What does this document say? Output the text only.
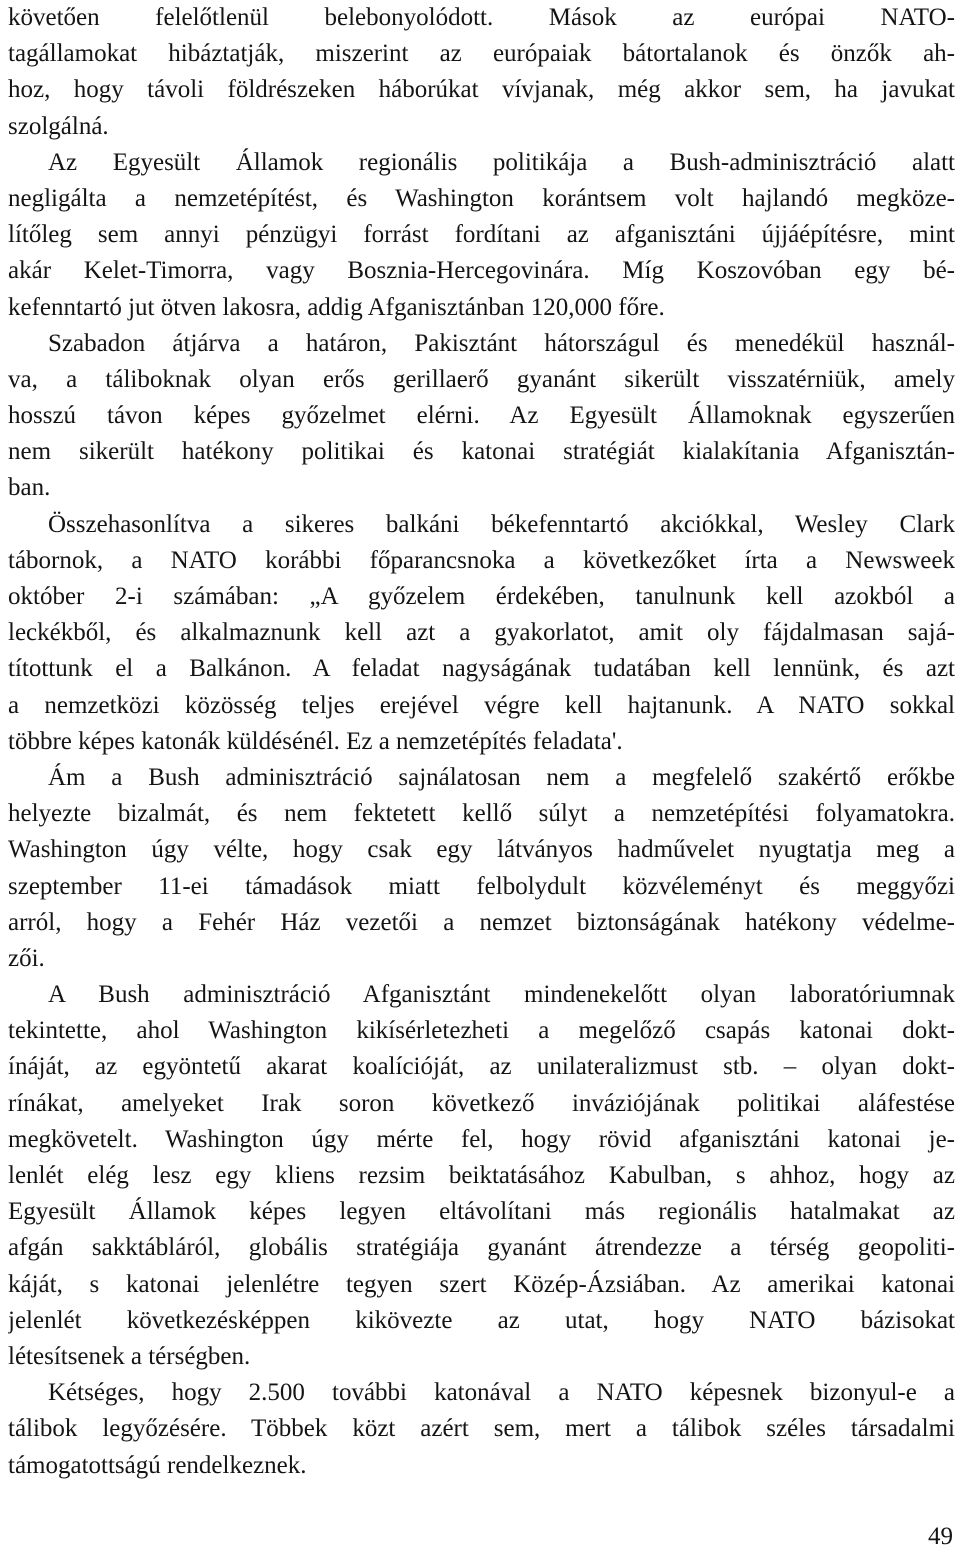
követően felelőtlenül belebonyolódott. Mások az európai NATO-
tagállamokat hibáztatják, miszerint az európaiak bátortalanok és önzők ah-
hoz, hogy távoli földrészeken háborúkat vívjanak, még akkor sem, ha javukat
szolgálná.
Az Egyesült Államok regionális politikája a Bush-adminisztráció alatt
negligálta a nemzetépítést, és Washington korántsem volt hajlandó megköze-
lítőleg sem annyi pénzügyi forrást fordítani az afganisztáni újjáépítésre, mint
akár Kelet-Timorra, vagy Bosznia-Hercegovinára. Míg Koszovóban egy bé-
kefenntartó jut ötven lakosra, addig Afganisztánban 120,000 főre.
Szabadon átjárva a határon, Pakisztánt hátországul és menedékül használ-
va, a táliboknak olyan erős gerillaerő gyanánt sikerült visszatérniük, amely
hosszú távon képes győzelmet elérni. Az Egyesült Államoknak egyszerűen
nem sikerült hatékony politikai és katonai stratégiát kialakítania Afganisztán-
ban.
Összehasonlítva a sikeres balkáni békefenntartó akciókkal, Wesley Clark
tábornok, a NATO korábbi főparancsnoka a következőket írta a Newsweek
október 2-i számában: „A győzelem érdekében, tanulnunk kell azokból a
leckékből, és alkalmaznunk kell azt a gyakorlatot, amit oly fájdalmasan sajá-
títottunk el a Balkánon. A feladat nagyságának tudatában kell lennünk, és azt
a nemzetközi közösség teljes erejével végre kell hajtanunk. A NATO sokkal
többre képes katonák küldésénél. Ez a nemzetépítés feladata'.
Ám a Bush adminisztráció sajnálatosan nem a megfelelő szakértő erőkbe
helyezte bizalmát, és nem fektetett kellő súlyt a nemzetépítési folyamatokra.
Washington úgy vélte, hogy csak egy látványos hadművelet nyugtatja meg a
szeptember 11-ei támadások miatt felbolydult közvéleményt és meggyőzi
arról, hogy a Fehér Ház vezetői a nemzet biztonságának hatékony védelme-
zői.
A Bush adminisztráció Afganisztánt mindenekelőtt olyan laboratóriumnak
tekintette, ahol Washington kikísérletezheti a megelőző csapás katonai dokt-
ínáját, az egyöntetű akarat koalícióját, az unilateralizmust stb. – olyan dokt-
rínákat, amelyeket Irak soron következő inváziójának politikai aláfestése
megkövetelt. Washington úgy mérte fel, hogy rövid afganisztáni katonai je-
lenlét elég lesz egy kliens rezsim beiktatásához Kabulban, s ahhoz, hogy az
Egyesült Államok képes legyen eltávolítani más regionális hatalmakat az
afgán sakktábláról, globális stratégiája gyanánt átrendezze a térség geopoliti-
káját, s katonai jelenlétre tegyen szert Közép-Ázsiában. Az amerikai katonai
jelenlét következésképpen kikövezte az utat, hogy NATO bázisokat
létesítsenek a térségben.
Kétséges, hogy 2.500 további katonával a NATO képesnek bizonyul-e a
tálibok legyőzésére. Többek közt azért sem, mert a tálibok széles társadalmi
támogatottságú rendelkeznek.
49
